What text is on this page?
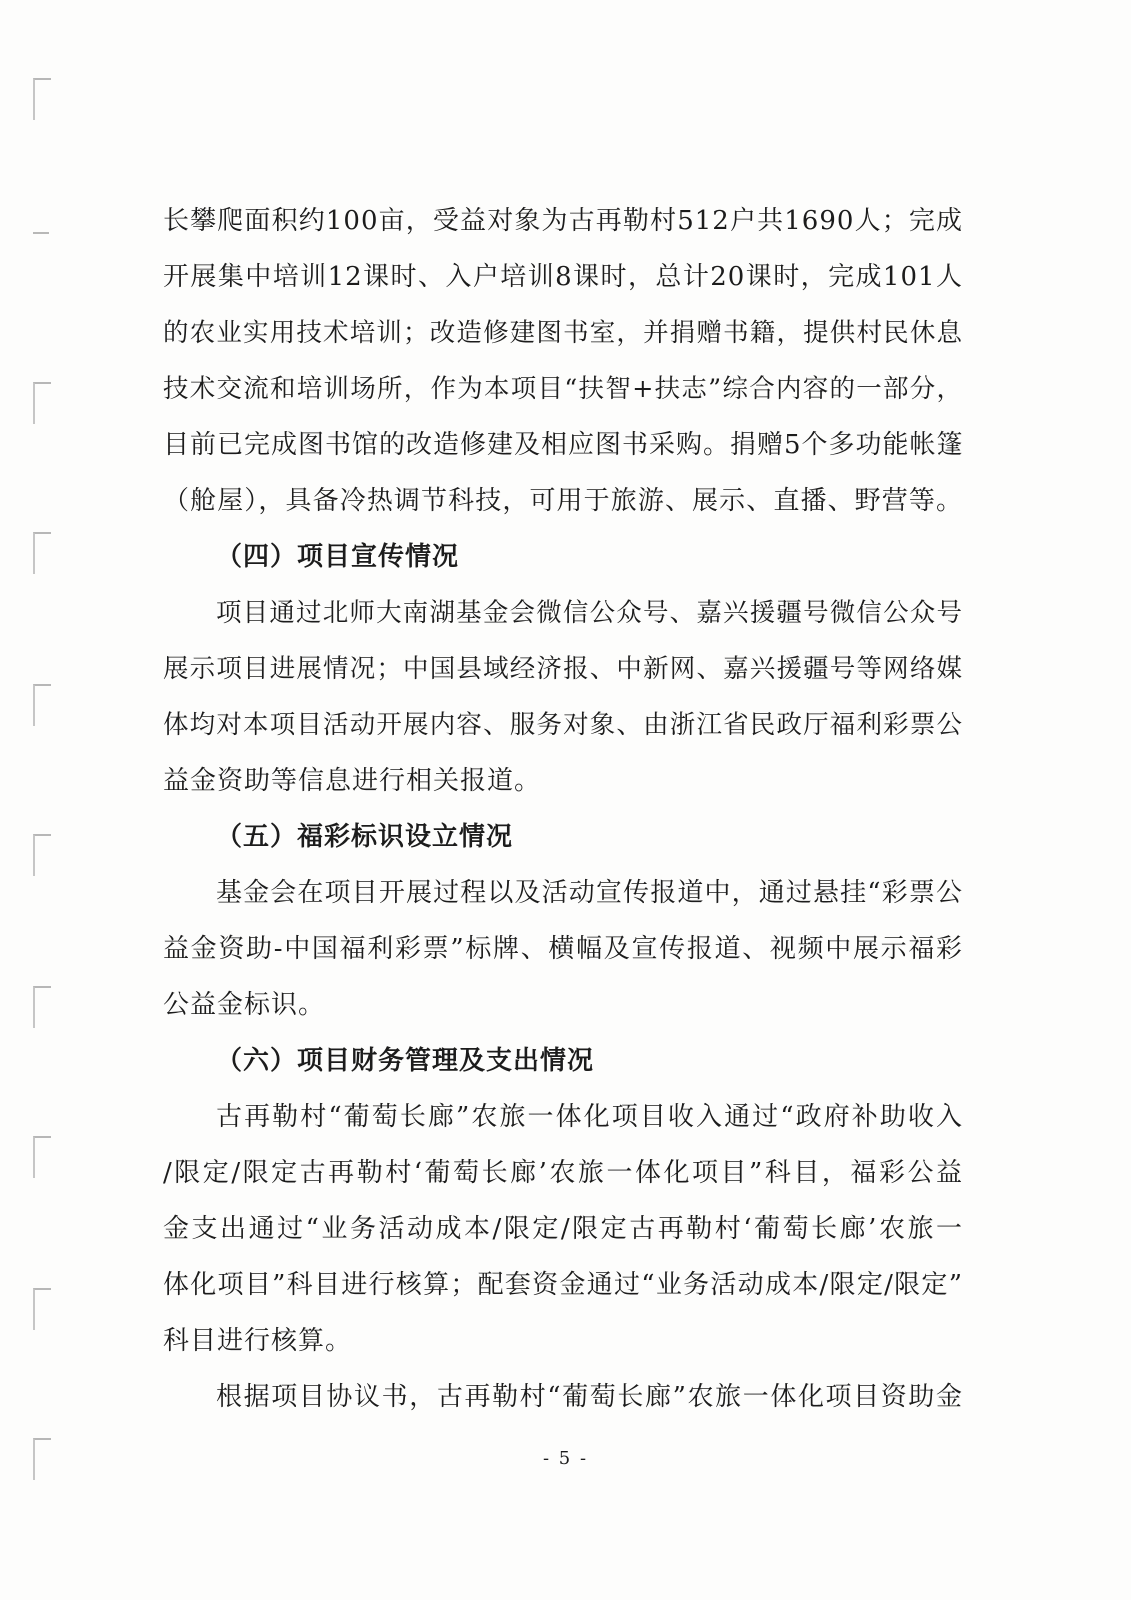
长攀爬面积约100亩，受益对象为古再勒村512户共1690人；完成
开展集中培训12课时、入户培训8课时，总计20课时，完成101人
的农业实用技术培训；改造修建图书室，并捐赠书籍，提供村民休息
技术交流和培训场所，作为本项目“扶智+扶志”综合内容的一部分，
目前已完成图书馆的改造修建及相应图书采购。捐赠5个多功能帐篷
（舱屋），具备冷热调节科技，可用于旅游、展示、直播、野营等。
（四）项目宣传情况
项目通过北师大南湖基金会微信公众号、嘉兴援疆号微信公众号
展示项目进展情况；中国县域经济报、中新网、嘉兴援疆号等网络媒
体均对本项目活动开展内容、服务对象、由浙江省民政厅福利彩票公
益金资助等信息进行相关报道。
（五）福彩标识设立情况
基金会在项目开展过程以及活动宣传报道中，通过悬挂“彩票公
益金资助-中国福利彩票”标牌、横幅及宣传报道、视频中展示福彩
公益金标识。
（六）项目财务管理及支出情况
古再勒村“葡萄长廊”农旅一体化项目收入通过“政府补助收入
/限定/限定古再勒村‘葡萄长廊’农旅一体化项目”科目，福彩公益
金支出通过“业务活动成本/限定/限定古再勒村‘葡萄长廊’农旅一
体化项目”科目进行核算；配套资金通过“业务活动成本/限定/限定”
科目进行核算。
根据项目协议书，古再勒村“葡萄长廊”农旅一体化项目资助金
- 5 -
